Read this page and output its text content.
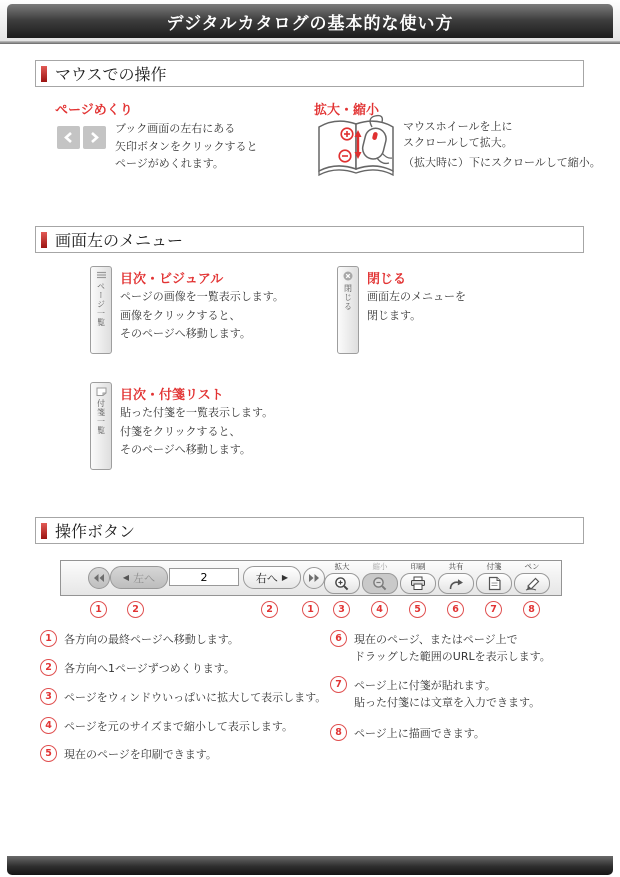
デジタルカタログの基本的な使い方
マウスでの操作
ページめくり
ブック画面の左右にある
矢印ボタンをクリックすると
ページがめくれます。
拡大・縮小
マウスホイールを上に
スクロールして拡大。
（拡大時に）下にスクロールして縮小。
画面左のメニュー
ページ一覧
目次・ビジュアル
ページの画像を一覧表示します。
画像をクリックすると、
そのページへ移動します。
閉じる
閉じる
画面左のメニューを
閉じます。
付箋一覧
目次・付箋リスト
貼った付箋を一覧表示します。
付箋をクリックすると、
そのページへ移動します。
操作ボタン
◀ 左へ
2	右へ ▶
拡大	縮小	印刷	共有	付箋	ペン
1	2	2	1	3	4	5	6	7	8
1	各方向の最終ページへ移動します。
2	各方向へ1ページずつめくります。
3	ページをウィンドウいっぱいに拡大して表示します。
4	ページを元のサイズまで縮小して表示します。
5	現在のページを印刷できます。
6	現在のページ、またはページ上で
ドラッグした範囲のURLを表示します。
7	ページ上に付箋が貼れます。
貼った付箋には文章を入力できます。
8	ページ上に描画できます。
